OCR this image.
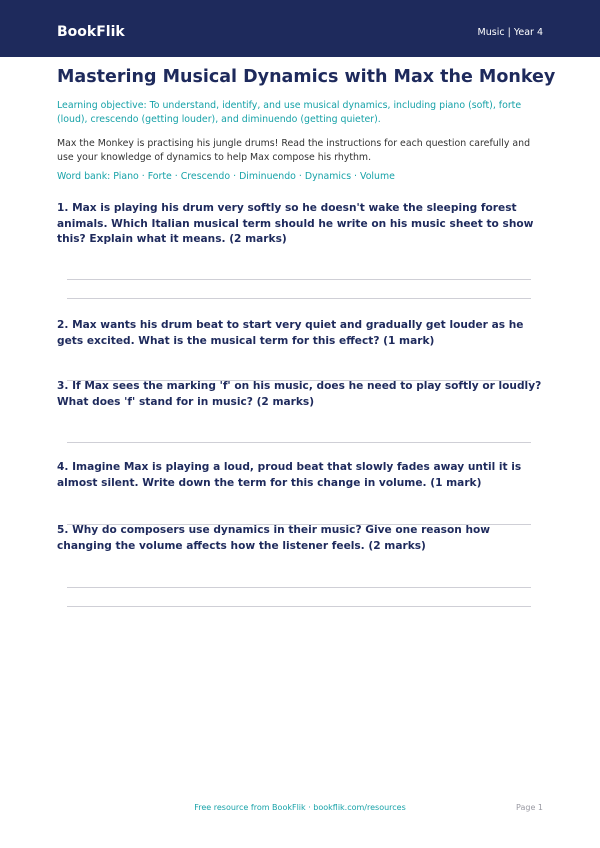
BookFlik	Music | Year 4
Mastering Musical Dynamics with Max the Monkey

Learning objective: To understand, identify, and use musical dynamics, including piano (soft), forte (loud), crescendo (getting louder), and diminuendo (getting quieter).

Max the Monkey is practising his jungle drums! Read the instructions for each question carefully and use your knowledge of dynamics to help Max compose his rhythm.

Word bank: Piano · Forte · Crescendo · Diminuendo · Dynamics · Volume

1. Max is playing his drum very softly so he doesn't wake the sleeping forest animals. Which Italian musical term should he write on his music sheet to show this? Explain what it means. (2 marks)

2. Max wants his drum beat to start very quiet and gradually get louder as he gets excited. What is the musical term for this effect? (1 mark)

3. If Max sees the marking 'f' on his music, does he need to play softly or loudly? What does 'f' stand for in music? (2 marks)

4. Imagine Max is playing a loud, proud beat that slowly fades away until it is almost silent. Write down the term for this change in volume. (1 mark)

5. Why do composers use dynamics in their music? Give one reason how changing the volume affects how the listener feels. (2 marks)

Free resource from BookFlik · bookflik.com/resources	Page 1
